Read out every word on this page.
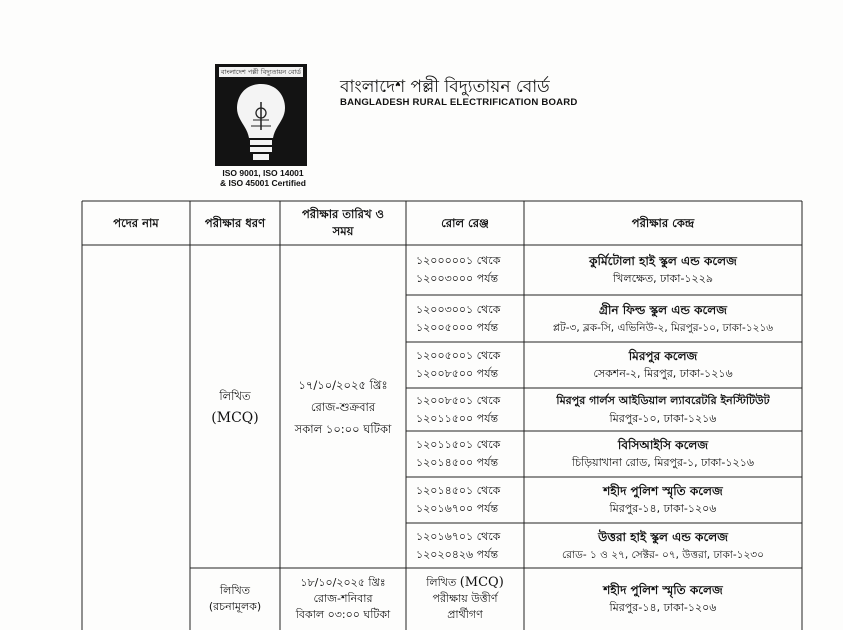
বাংলাদেশ পল্লী বিদ্যুতায়ন বোর্ড
ISO 9001, ISO 14001
& ISO 45001 Certified
বাংলাদেশ পল্লী বিদ্যুতায়ন বোর্ড
BANGLADESH RURAL ELECTRIFICATION BOARD
পদের নাম	পরীক্ষার ধরণ
পরীক্ষার তারিখ ও
সময়
রোল রেঞ্জ	পরীক্ষার কেন্দ্র
লিখিত
(MCQ)
১৭/১০/২০২৫ খ্রিঃ
রোজ-শুক্রবার
সকাল ১০:০০ ঘটিকা
১২০০০০০১ থেকে
১২০০৩০০০ পর্যন্ত
কুর্মিটোলা হাই স্কুল এন্ড কলেজ
খিলক্ষেত, ঢাকা-১২২৯
১২০০৩০০১ থেকে
১২০০৫০০০ পর্যন্ত
গ্রীন ফিল্ড স্কুল এন্ড কলেজ
প্লট-৩, ব্লক-সি, এভিনিউ-২, মিরপুর-১০, ঢাকা-১২১৬
১২০০৫০০১ থেকে
১২০০৮৫০০ পর্যন্ত
মিরপুর কলেজ
সেকশন-২, মিরপুর, ঢাকা-১২১৬
১২০০৮৫০১ থেকে
১২০১১৫০০ পর্যন্ত
মিরপুর গার্লস আইডিয়াল ল্যাবরেটরি ইনস্টিটিউট
মিরপুর-১০, ঢাকা-১২১৬
১২০১১৫০১ থেকে
১২০১৪৫০০ পর্যন্ত
বিসিআইসি কলেজ
চিড়িয়াখানা রোড, মিরপুর-১, ঢাকা-১২১৬
১২০১৪৫০১ থেকে
১২০১৬৭০০ পর্যন্ত
শহীদ পুলিশ স্মৃতি কলেজ
মিরপুর-১৪, ঢাকা-১২০৬
১২০১৬৭০১ থেকে
১২০২০৪২৬ পর্যন্ত
উত্তরা হাই স্কুল এন্ড কলেজ
রোড- ১ ও ২৭, সেক্টর- ০৭, উত্তরা, ঢাকা-১২৩০
লিখিত
(রচনামূলক)
১৮/১০/২০২৫ খ্রিঃ
রোজ-শনিবার
বিকাল ০৩:০০ ঘটিকা
লিখিত (MCQ)
পরীক্ষায় উত্তীর্ণ
প্রার্থীগণ
শহীদ পুলিশ স্মৃতি কলেজ
মিরপুর-১৪, ঢাকা-১২০৬
